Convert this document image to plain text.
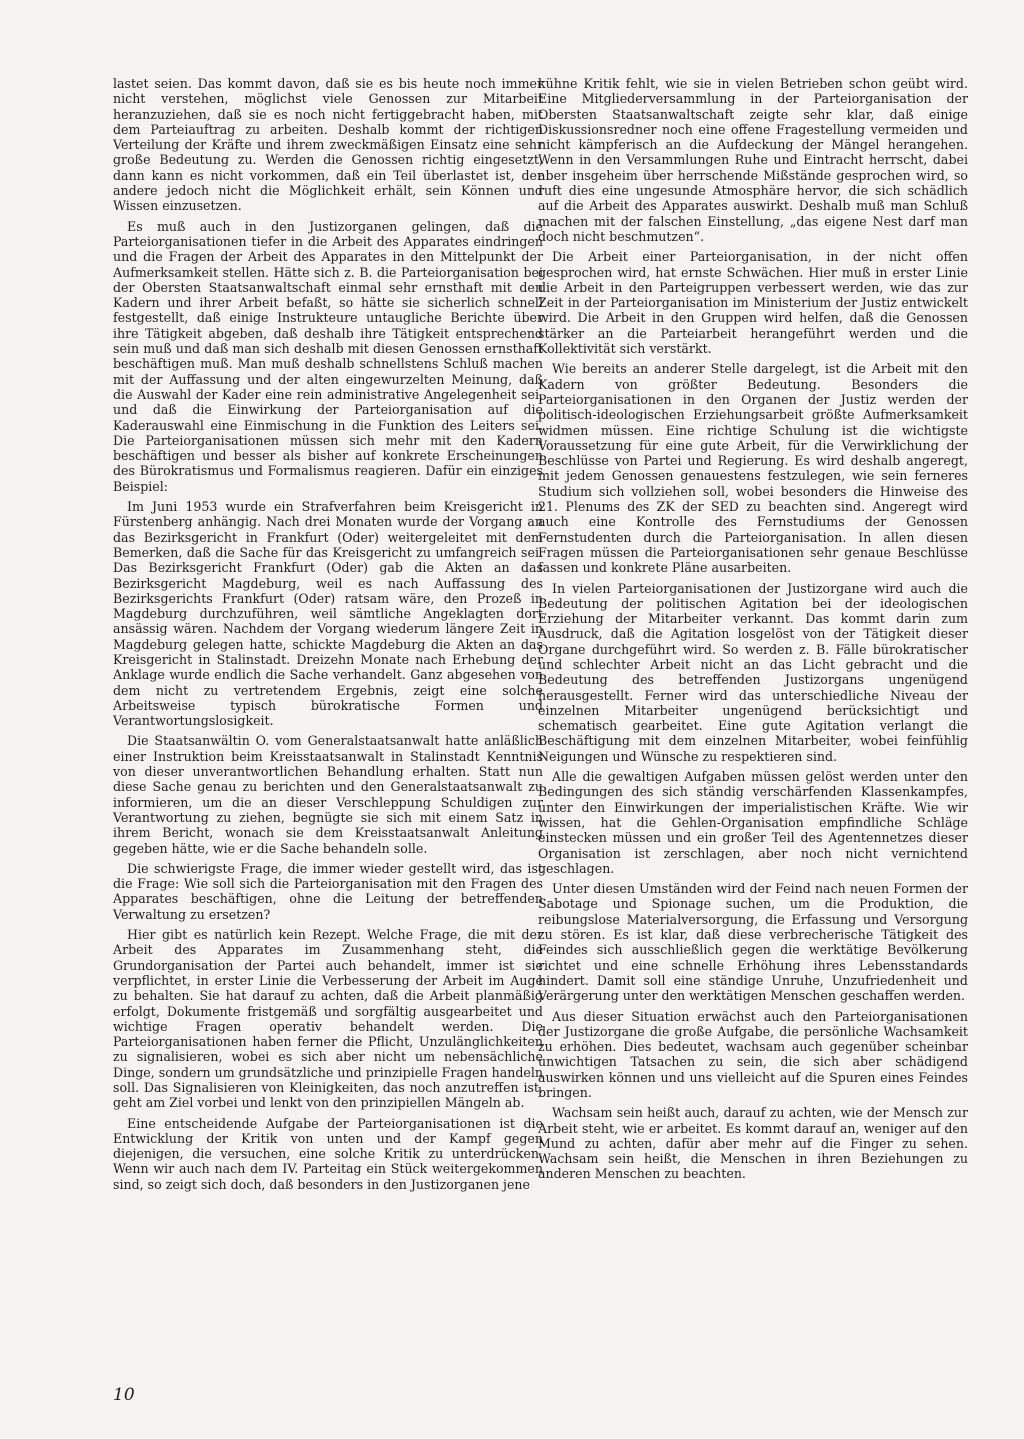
lastet seien. Das kommt davon, daß sie es bis heute noch immer nicht verstehen, möglichst viele Genossen zur Mitarbeit heranzuziehen, daß sie es noch nicht fertiggebracht haben, mit dem Parteiauftrag zu arbeiten. Deshalb kommt der richtigen Verteilung der Kräfte und ihrem zweckmäßigen Einsatz eine sehr große Bedeutung zu. Werden die Genossen richtig eingesetzt, dann kann es nicht vorkommen, daß ein Teil überlastet ist, der andere jedoch nicht die Möglichkeit erhält, sein Können und Wissen einzusetzen.

Es muß auch in den Justizorganen gelingen, daß die Parteiorganisationen tiefer in die Arbeit des Apparates eindringen und die Fragen der Arbeit des Apparates in den Mittelpunkt der Aufmerksamkeit stellen. Hätte sich z. B. die Parteiorganisation bei der Obersten Staatsanwaltschaft einmal sehr ernsthaft mit den Kadern und ihrer Arbeit befaßt, so hätte sie sicherlich schnell festgestellt, daß einige Instrukteure untaugliche Berichte über ihre Tätigkeit abgeben, daß deshalb ihre Tätigkeit entsprechend sein muß und daß man sich deshalb mit diesen Genossen ernsthaft beschäftigen muß. Man muß deshalb schnellstens Schluß machen mit der Auffassung und der alten eingewurzelten Meinung, daß die Auswahl der Kader eine rein administrative Angelegenheit sei, und daß die Einwirkung der Parteiorganisation auf die Kaderauswahl eine Einmischung in die Funktion des Leiters sei. Die Parteiorganisationen müssen sich mehr mit den Kadern beschäftigen und besser als bisher auf konkrete Erscheinungen des Bürokratismus und Formalismus reagieren. Dafür ein einziges Beispiel:

Im Juni 1953 wurde ein Strafverfahren beim Kreisgericht in Fürstenberg anhängig. Nach drei Monaten wurde der Vorgang an das Bezirksgericht in Frankfurt (Oder) weitergeleitet mit dem Bemerken, daß die Sache für das Kreisgericht zu umfangreich sei. Das Bezirksgericht Frankfurt (Oder) gab die Akten an das Bezirksgericht Magdeburg, weil es nach Auffassung des Bezirksgerichts Frankfurt (Oder) ratsam wäre, den Prozeß in Magdeburg durchzuführen, weil sämtliche Angeklagten dort ansässig wären. Nachdem der Vorgang wiederum längere Zeit in Magdeburg gelegen hatte, schickte Magdeburg die Akten an das Kreisgericht in Stalinstadt. Dreizehn Monate nach Erhebung der Anklage wurde endlich die Sache verhandelt. Ganz abgesehen von dem nicht zu vertretendem Ergebnis, zeigt eine solche Arbeitsweise typisch bürokratische Formen und Verantwortungslosigkeit.

Die Staatsanwältin O. vom Generalstaatsanwalt hatte anläßlich einer Instruktion beim Kreisstaatsanwalt in Stalinstadt Kenntnis von dieser unverantwortlichen Behandlung erhalten. Statt nun diese Sache genau zu berichten und den Generalstaatsanwalt zu informieren, um die an dieser Verschleppung Schuldigen zur Verantwortung zu ziehen, begnügte sie sich mit einem Satz in ihrem Bericht, wonach sie dem Kreisstaatsanwalt Anleitung gegeben hätte, wie er die Sache behandeln solle.

Die schwierigste Frage, die immer wieder gestellt wird, das ist die Frage: Wie soll sich die Parteiorganisation mit den Fragen des Apparates beschäftigen, ohne die Leitung der betreffenden Verwaltung zu ersetzen?

Hier gibt es natürlich kein Rezept. Welche Frage, die mit der Arbeit des Apparates im Zusammenhang steht, die Grundorganisation der Partei auch behandelt, immer ist sie verpflichtet, in erster Linie die Verbesserung der Arbeit im Auge zu behalten. Sie hat darauf zu achten, daß die Arbeit planmäßig erfolgt, Dokumente fristgemäß und sorgfältig ausgearbeitet und wichtige Fragen operativ behandelt werden. Die Parteiorganisationen haben ferner die Pflicht, Unzulänglichkeiten zu signalisieren, wobei es sich aber nicht um nebensächliche Dinge, sondern um grundsätzliche und prinzipielle Fragen handeln soll. Das Signalisieren von Kleinigkeiten, das noch anzutreffen ist, geht am Ziel vorbei und lenkt von den prinzipiellen Mängeln ab.

Eine entscheidende Aufgabe der Parteiorganisationen ist die Entwicklung der Kritik von unten und der Kampf gegen diejenigen, die versuchen, eine solche Kritik zu unterdrücken. Wenn wir auch nach dem IV. Parteitag ein Stück weitergekommen sind, so zeigt sich doch, daß besonders in den Justizorganen jene

kühne Kritik fehlt, wie sie in vielen Betrieben schon geübt wird. Eine Mitgliederversammlung in der Parteiorganisation der Obersten Staatsanwaltschaft zeigte sehr klar, daß einige Diskussionsredner noch eine offene Fragestellung vermeiden und nicht kämpferisch an die Aufdeckung der Mängel herangehen. Wenn in den Versammlungen Ruhe und Eintracht herrscht, dabei aber insgeheim über herrschende Mißstände gesprochen wird, so ruft dies eine ungesunde Atmosphäre hervor, die sich schädlich auf die Arbeit des Apparates auswirkt. Deshalb muß man Schluß machen mit der falschen Einstellung, „das eigene Nest darf man doch nicht beschmutzen“.

Die Arbeit einer Parteiorganisation, in der nicht offen gesprochen wird, hat ernste Schwächen. Hier muß in erster Linie die Arbeit in den Parteigruppen verbessert werden, wie das zur Zeit in der Parteiorganisation im Ministerium der Justiz entwickelt wird. Die Arbeit in den Gruppen wird helfen, daß die Genossen stärker an die Parteiarbeit herangeführt werden und die Kollektivität sich verstärkt.

Wie bereits an anderer Stelle dargelegt, ist die Arbeit mit den Kadern von größter Bedeutung. Besonders die Parteiorganisationen in den Organen der Justiz werden der politisch-ideologischen Erziehungsarbeit größte Aufmerksamkeit widmen müssen. Eine richtige Schulung ist die wichtigste Voraussetzung für eine gute Arbeit, für die Verwirklichung der Beschlüsse von Partei und Regierung. Es wird deshalb angeregt, mit jedem Genossen genauestens festzulegen, wie sein ferneres Studium sich vollziehen soll, wobei besonders die Hinweise des 21. Plenums des ZK der SED zu beachten sind. Angeregt wird auch eine Kontrolle des Fernstudiums der Genossen Fernstudenten durch die Parteiorganisation. In allen diesen Fragen müssen die Parteiorganisationen sehr genaue Beschlüsse fassen und konkrete Pläne ausarbeiten.

In vielen Parteiorganisationen der Justizorgane wird auch die Bedeutung der politischen Agitation bei der ideologischen Erziehung der Mitarbeiter verkannt. Das kommt darin zum Ausdruck, daß die Agitation losgelöst von der Tätigkeit dieser Organe durchgeführt wird. So werden z. B. Fälle bürokratischer und schlechter Arbeit nicht an das Licht gebracht und die Bedeutung des betreffenden Justizorgans ungenügend herausgestellt. Ferner wird das unterschiedliche Niveau der einzelnen Mitarbeiter ungenügend berücksichtigt und schematisch gearbeitet. Eine gute Agitation verlangt die Beschäftigung mit dem einzelnen Mitarbeiter, wobei feinfühlig Neigungen und Wünsche zu respektieren sind.

Alle die gewaltigen Aufgaben müssen gelöst werden unter den Bedingungen des sich ständig verschärfenden Klassenkampfes, unter den Einwirkungen der imperialistischen Kräfte. Wie wir wissen, hat die Gehlen-Organisation empfindliche Schläge einstecken müssen und ein großer Teil des Agentennetzes dieser Organisation ist zerschlagen, aber noch nicht vernichtend geschlagen.

Unter diesen Umständen wird der Feind nach neuen Formen der Sabotage und Spionage suchen, um die Produktion, die reibungslose Materialversorgung, die Erfassung und Versorgung zu stören. Es ist klar, daß diese verbrecherische Tätigkeit des Feindes sich ausschließlich gegen die werktätige Bevölkerung richtet und eine schnelle Erhöhung ihres Lebensstandards hindert. Damit soll eine ständige Unruhe, Unzufriedenheit und Verärgerung unter den werktätigen Menschen geschaffen werden.

Aus dieser Situation erwächst auch den Parteiorganisationen der Justizorgane die große Aufgabe, die persönliche Wachsamkeit zu erhöhen. Dies bedeutet, wachsam auch gegenüber scheinbar unwichtigen Tatsachen zu sein, die sich aber schädigend auswirken können und uns vielleicht auf die Spuren eines Feindes bringen.

Wachsam sein heißt auch, darauf zu achten, wie der Mensch zur Arbeit steht, wie er arbeitet. Es kommt darauf an, weniger auf den Mund zu achten, dafür aber mehr auf die Finger zu sehen. Wachsam sein heißt, die Menschen in ihren Beziehungen zu anderen Menschen zu beachten.

10
